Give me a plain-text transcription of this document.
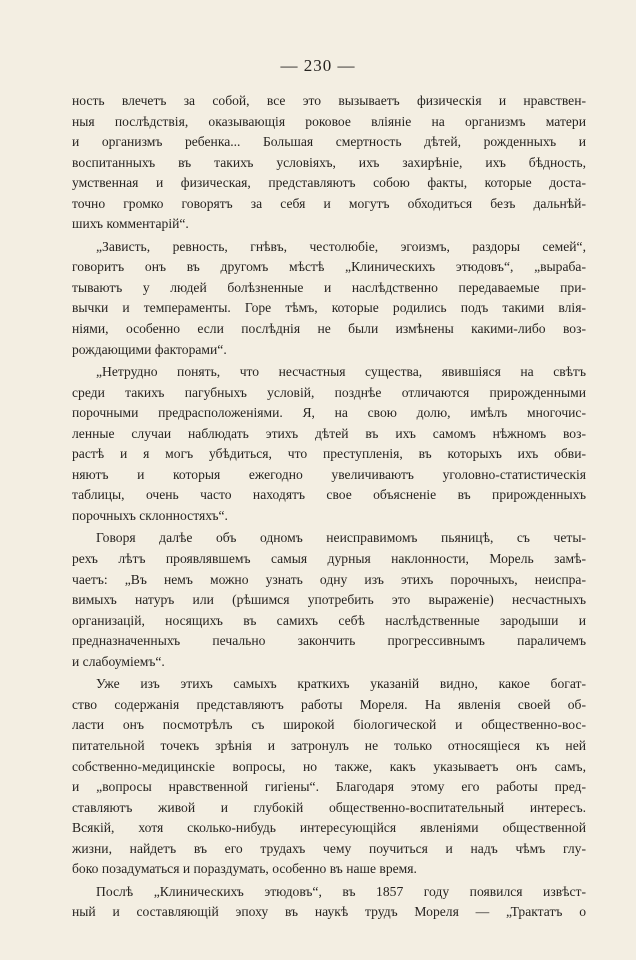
— 230 —
ность влечетъ за собой, все это вызываетъ физическія и нравствен-
ныя послѣдствія, оказывающія роковое вліяніе на организмъ матери
и организмъ ребенка... Большая смертность дѣтей, рожденныхъ и
воспитанныхъ въ такихъ условіяхъ, ихъ захирѣніе, ихъ бѣдность,
умственная и физическая, представляютъ собою факты, которые доста-
точно громко говорятъ за себя и могутъ обходиться безъ дальнѣй-
шихъ комментарій“.
„Зависть, ревность, гнѣвъ, честолюбіе, эгоизмъ, раздоры семей“,
говоритъ онъ въ другомъ мѣстѣ „Клиническихъ этюдовъ“, „вырaба-
тываютъ у людей болѣзненные и наслѣдственно передаваемые при-
вычки и темпераменты. Горе тѣмъ, которые родились подъ такими влія-
ніями, особенно если послѣднія не были измѣнены какими-либо воз-
рождающими факторами“.
„Нетрудно понять, что несчастныя существа, явившіяся на свѣтъ
среди такихъ пагубныхъ условій, позднѣе отличаются прирожденными
порочными предрасположеніями. Я, на свою долю, имѣлъ многочис-
ленные случаи наблюдать этихъ дѣтей въ ихъ самомъ нѣжномъ воз-
растѣ и я могъ убѣдиться, что преступленія, въ которыхъ ихъ обви-
няютъ и которыя ежегодно увеличиваютъ уголовно-статистическія
таблицы, очень часто находятъ свое объясненіе въ прирожденныхъ
порочныхъ склонностяхъ“.
Говоря далѣе объ одномъ неисправимомъ пьяницѣ, съ четы-
рехъ лѣтъ проявлявшемъ самыя дурныя наклонности, Морель замѣ-
чаетъ: „Въ немъ можно узнать одну изъ этихъ порочныхъ, неиспра-
вимыхъ натуръ или (рѣшимся употребить это выраженіе) несчастныхъ
организацій, носящихъ въ самихъ себѣ наслѣдственные зародыши и
предназначенныхъ печально закончить прогрессивнымъ параличемъ
и слабоуміемъ“.
Уже изъ этихъ самыхъ краткихъ указаній видно, какое богат-
ство содержанія представляютъ работы Мореля. На явленія своей об-
ласти онъ посмотрѣлъ съ широкой біологической и общественно-вос-
питательной точекъ зрѣнія и затронулъ не только относящіеся къ ней
собственно-медицинскіе вопросы, но также, какъ указываетъ онъ самъ,
и „вопросы нравственной гигіены“. Благодаря этому его работы пред-
ставляютъ живой и глубокій общественно-воспитательный интересъ.
Всякій, хотя сколько-нибудь интересующійся явленіями общественной
жизни, найдетъ въ его трудахъ чему поучиться и надъ чѣмъ глу-
боко позадуматься и пораздумать, особенно въ наше время.
Послѣ „Клиническихъ этюдовъ“, въ 1857 году появился извѣст-
ный и составляющій эпоху въ наукѣ трудъ Мореля — „Трактатъ о
